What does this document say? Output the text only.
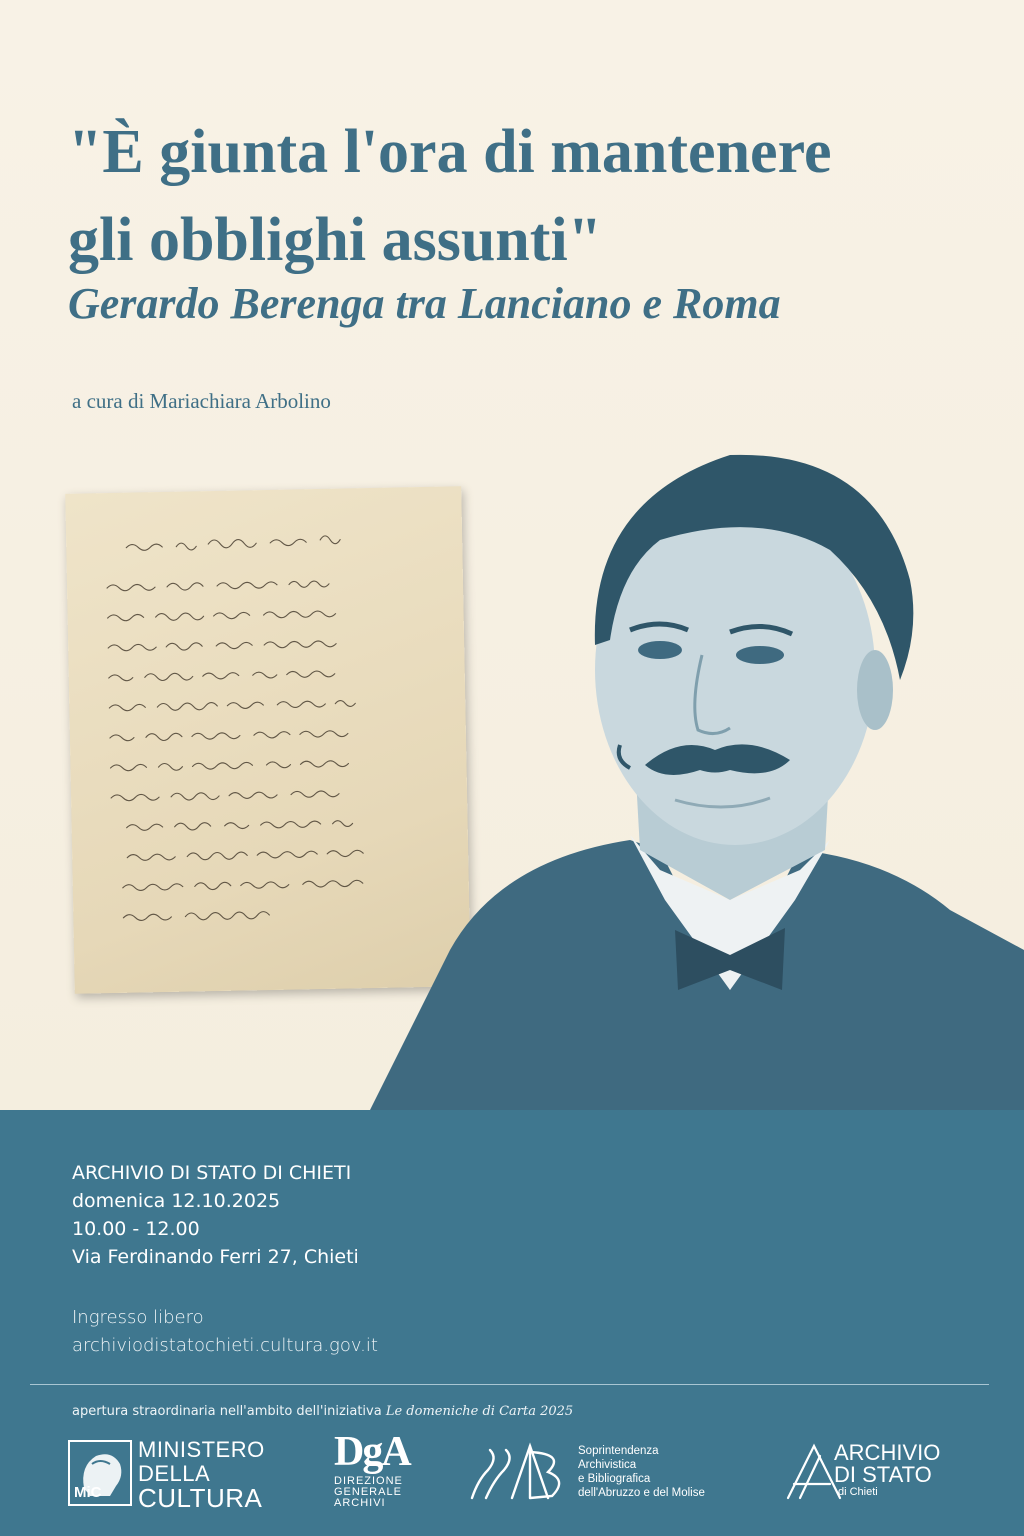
"È giunta l'ora di mantenere
gli obblighi assunti"
Gerardo Berenga tra Lanciano e Roma
a cura di Mariachiara Arbolino
ARCHIVIO DI STATO DI CHIETI
domenica 12.10.2025
10.00 - 12.00
Via Ferdinando Ferri 27, Chieti
Ingresso libero
archiviodistatochieti.cultura.gov.it
apertura straordinaria nell'ambito dell'iniziativa Le domeniche di Carta 2025
MiC
MINISTERO
DELLA
CULTURA
DgA
DIREZIONE
GENERALE
ARCHIVI
Soprintendenza
Archivistica
e Bibliografica
dell'Abruzzo e del Molise
ARCHIVIO
DI STATO
di Chieti
